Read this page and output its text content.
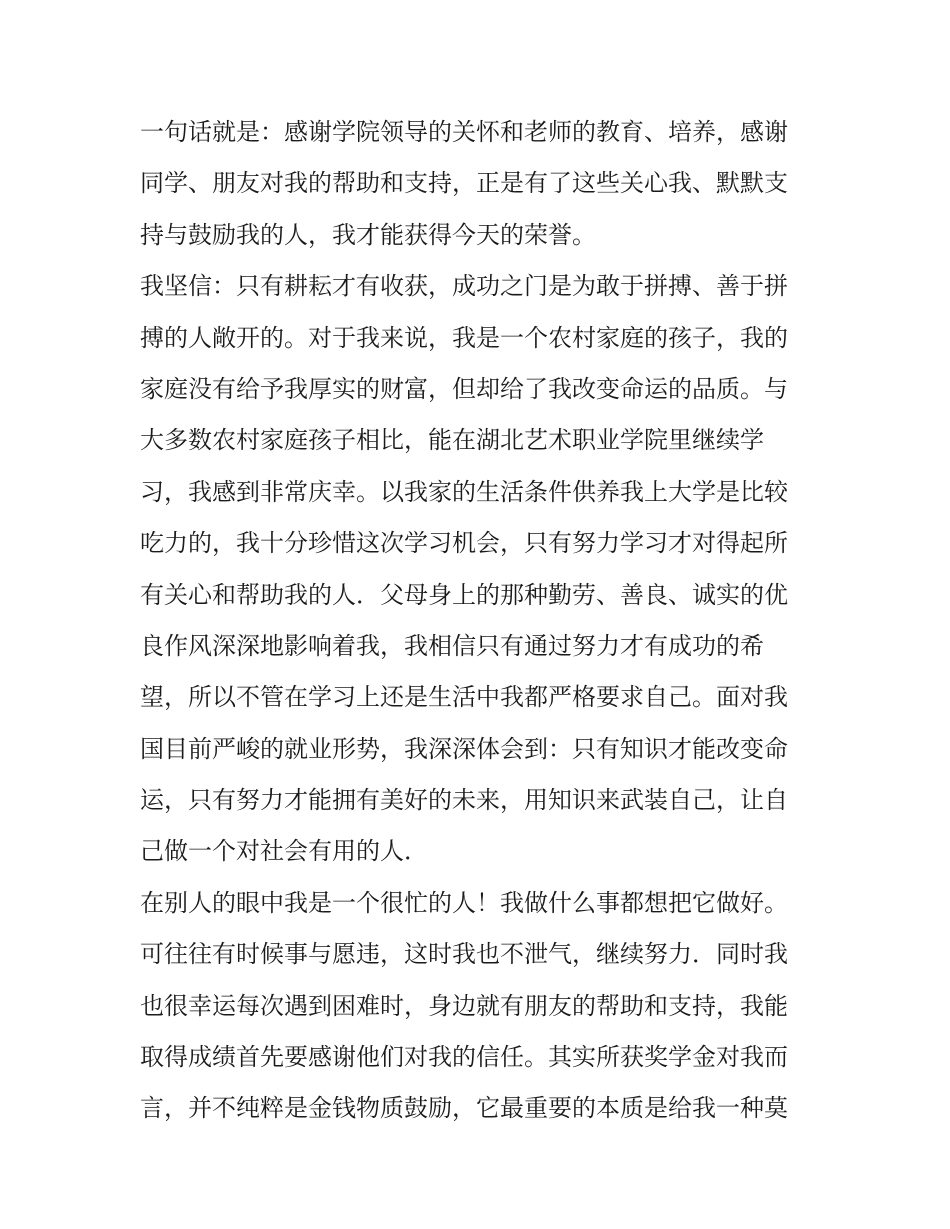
一句话就是：感谢学院领导的关怀和老师的教育、培养，感谢
同学、朋友对我的帮助和支持，正是有了这些关心我、默默支
持与鼓励我的人，我才能获得今天的荣誉。
我坚信：只有耕耘才有收获，成功之门是为敢于拼搏、善于拼
搏的人敞开的。对于我来说，我是一个农村家庭的孩子，我的
家庭没有给予我厚实的财富，但却给了我改变命运的品质。与
大多数农村家庭孩子相比，能在湖北艺术职业学院里继续学
习，我感到非常庆幸。以我家的生活条件供养我上大学是比较
吃力的，我十分珍惜这次学习机会，只有努力学习才对得起所
有关心和帮助我的人．父母身上的那种勤劳、善良、诚实的优
良作风深深地影响着我，我相信只有通过努力才有成功的希
望，所以不管在学习上还是生活中我都严格要求自己。面对我
国目前严峻的就业形势，我深深体会到：只有知识才能改变命
运，只有努力才能拥有美好的未来，用知识来武装自己，让自
己做一个对社会有用的人．
在别人的眼中我是一个很忙的人！我做什么事都想把它做好。
可往往有时候事与愿违，这时我也不泄气，继续努力．同时我
也很幸运每次遇到困难时，身边就有朋友的帮助和支持，我能
取得成绩首先要感谢他们对我的信任。其实所获奖学金对我而
言，并不纯粹是金钱物质鼓励，它最重要的本质是给我一种莫
